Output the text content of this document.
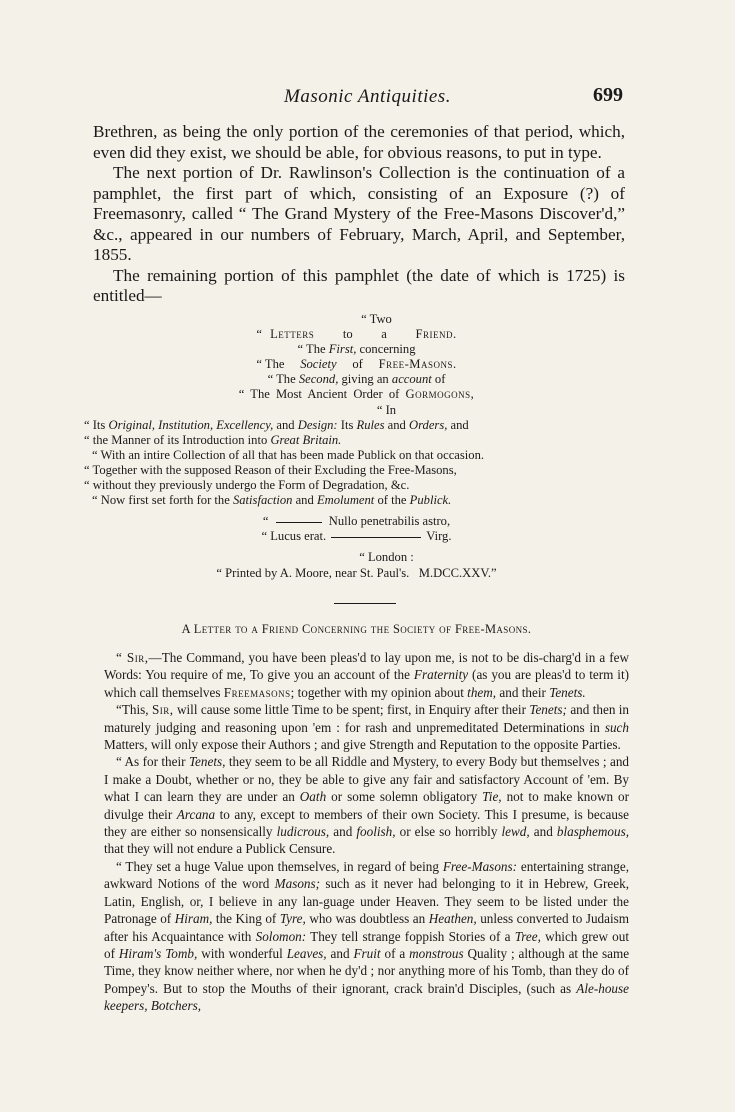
Masonic Antiquities.	699

Brethren, as being the only portion of the ceremonies of that period, which, even did they exist, we should be able, for obvious reasons, to put in type.

The next portion of Dr. Rawlinson's Collection is the continuation of a pamphlet, the first part of which, consisting of an Exposure (?) of Freemasonry, called “ The Grand Mystery of the Free-Masons Discover'd,” &c., appeared in our numbers of February, March, April, and September, 1855.

The remaining portion of this pamphlet (the date of which is 1725) is entitled—

“ Two
“ Letters to a Friend.
“ The First, concerning
“ The Society of Free-Masons.
“ The Second, giving an account of
“ The Most Ancient Order of Gormogons,
“ In
“ Its Original, Institution, Excellency, and Design: Its Rules and Orders, and
“ the Manner of its Introduction into Great Britain.
“ With an intire Collection of all that has been made Publick on that occasion.
“ Together with the supposed Reason of their Excluding the Free-Masons,
“ without they previously undergo the Form of Degradation, &c.
“ Now first set forth for the Satisfaction and Emolument of the Publick.
“	Nullo penetrabilis astro,
“ Lucus erat.	Virg.
“ London :
“ Printed by A. Moore, near St. Paul's.   M.DCC.XXV.”
A Letter to a Friend Concerning the Society of Free-Masons.

“ Sir,—The Command, you have been pleas'd to lay upon me, is not to be dis-charg'd in a few Words: You require of me, To give you an account of the Fraternity (as you are pleas'd to term it) which call themselves Freemasons; together with my opinion about them, and their Tenets.

“This, Sir, will cause some little Time to be spent; first, in Enquiry after their Tenets; and then in maturely judging and reasoning upon 'em : for rash and unpremeditated Determinations in such Matters, will only expose their Authors ; and give Strength and Reputation to the opposite Parties.

“ As for their Tenets, they seem to be all Riddle and Mystery, to every Body but themselves ; and I make a Doubt, whether or no, they be able to give any fair and satisfactory Account of 'em. By what I can learn they are under an Oath or some solemn obligatory Tie, not to make known or divulge their Arcana to any, except to members of their own Society. This I presume, is because they are either so nonsensically ludicrous, and foolish, or else so horribly lewd, and blasphemous, that they will not endure a Publick Censure.

“ They set a huge Value upon themselves, in regard of being Free-Masons: entertaining strange, awkward Notions of the word Masons; such as it never had belonging to it in Hebrew, Greek, Latin, English, or, I believe in any lan-guage under Heaven. They seem to be listed under the Patronage of Hiram, the King of Tyre, who was doubtless an Heathen, unless converted to Judaism after his Acquaintance with Solomon: They tell strange foppish Stories of a Tree, which grew out of Hiram's Tomb, with wonderful Leaves, and Fruit of a monstrous Quality ; although at the same Time, they know neither where, nor when he dy'd ; nor anything more of his Tomb, than they do of Pompey's. But to stop the Mouths of their ignorant, crack brain'd Disciples, (such as Ale-house keepers, Botchers,
